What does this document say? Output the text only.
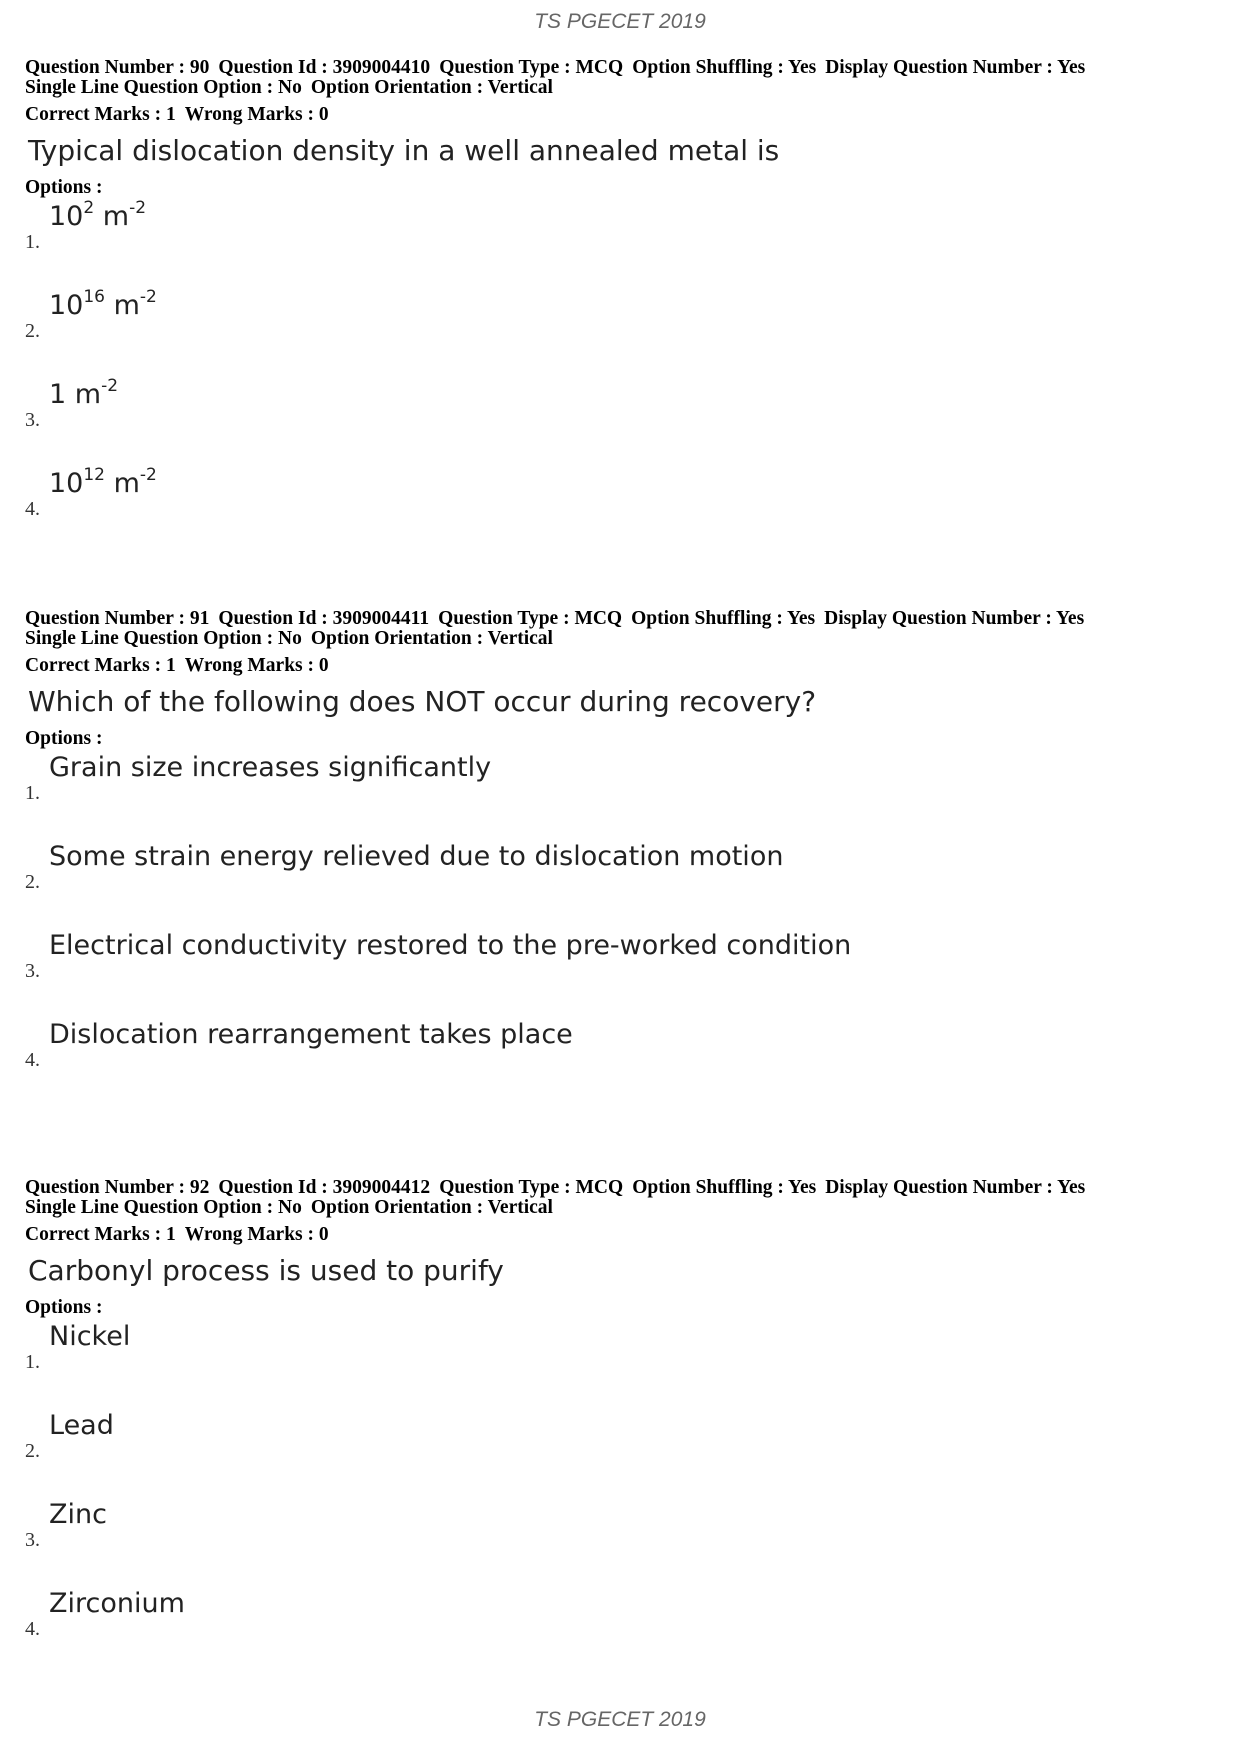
TS PGECET 2019
Question Number : 90 Question Id : 3909004410 Question Type : MCQ Option Shuffling : Yes Display Question Number : Yes
Single Line Question Option : No Option Orientation : Vertical
Correct Marks : 1 Wrong Marks : 0
Typical dislocation density in a well annealed metal is
Options :
1.
$10^2$ $m^{-2}$
2.
$10^{16}$ $m^{-2}$
3.
1 $m^{-2}$
4.
$10^{12}$ $m^{-2}$
Question Number : 91 Question Id : 3909004411 Question Type : MCQ Option Shuffling : Yes Display Question Number : Yes
Single Line Question Option : No Option Orientation : Vertical
Correct Marks : 1 Wrong Marks : 0
Which of the following does NOT occur during recovery?
Options :
1.
Grain size increases significantly
2.
Some strain energy relieved due to dislocation motion
3.
Electrical conductivity restored to the pre-worked condition
4.
Dislocation rearrangement takes place
Question Number : 92 Question Id : 3909004412 Question Type : MCQ Option Shuffling : Yes Display Question Number : Yes
Single Line Question Option : No Option Orientation : Vertical
Correct Marks : 1 Wrong Marks : 0
Carbonyl process is used to purify
Options :
1.
Nickel
2.
Lead
3.
Zinc
4.
Zirconium
TS PGECET 2019
